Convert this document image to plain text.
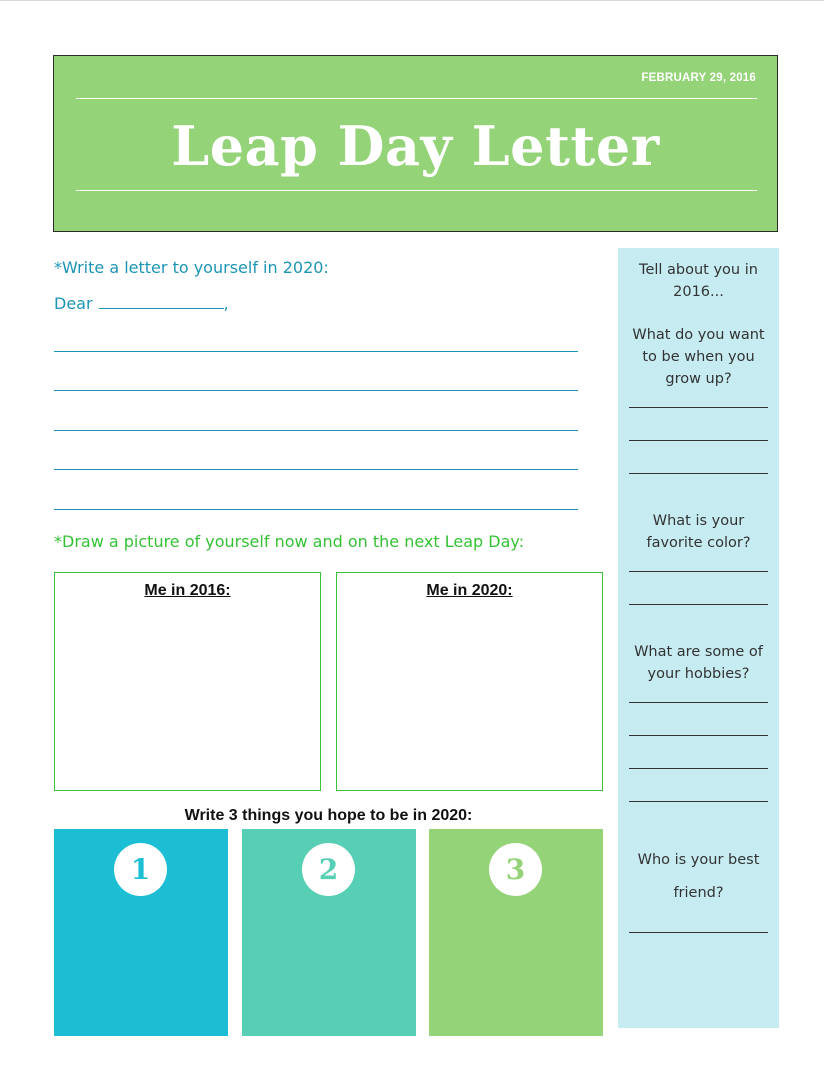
FEBRUARY 29, 2016
Leap Day Letter
*Write a letter to yourself in 2020:
Dear	,
*Draw a picture of yourself now and on the next Leap Day:
Me in 2016:	Me in 2020:
Write 3 things you hope to be in 2020:
1	2	3
Tell about you in 2016...
What do you want to be when you grow up?
What is your favorite color?
What are some of your hobbies?
Who is your best
friend?
